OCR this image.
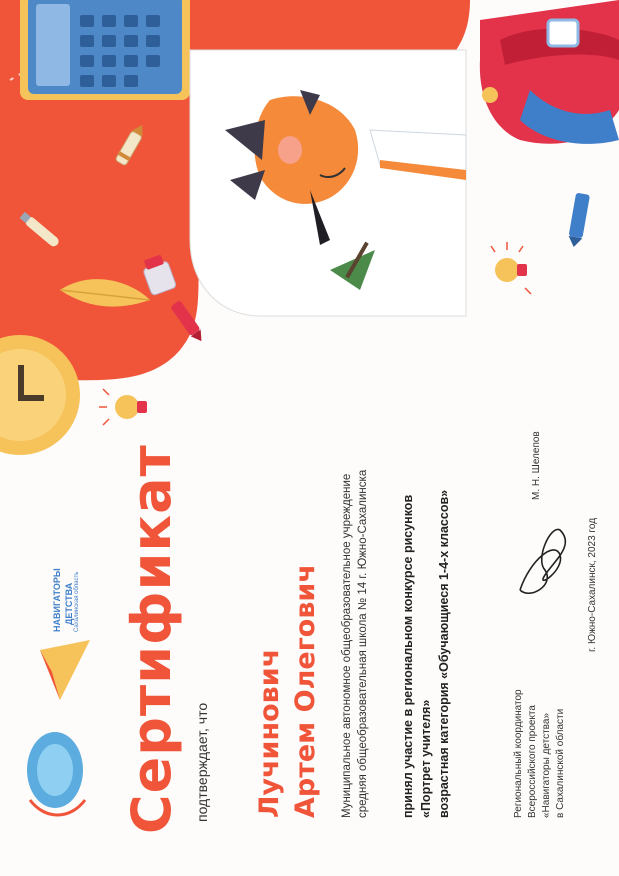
НАВИГАТОРЫ ДЕТСТВА Сахалинская область Сертификат подтверждает, что Лучинович Артем Олегович Муниципальное автономное общеобразовательное учреждение средняя общеобразовательная школа № 14 г. Южно-Сахалинска	принял участие в региональном конкурсе рисунков «Портрет учителя» возрастная категория «Обучающиеся 1-4-х классов»	Региональный координатор Всероссийского проекта «Навигаторы детства» в Сахалинской области
М. Н. Шелепов
г. Южно-Сахалинск, 2023 год
